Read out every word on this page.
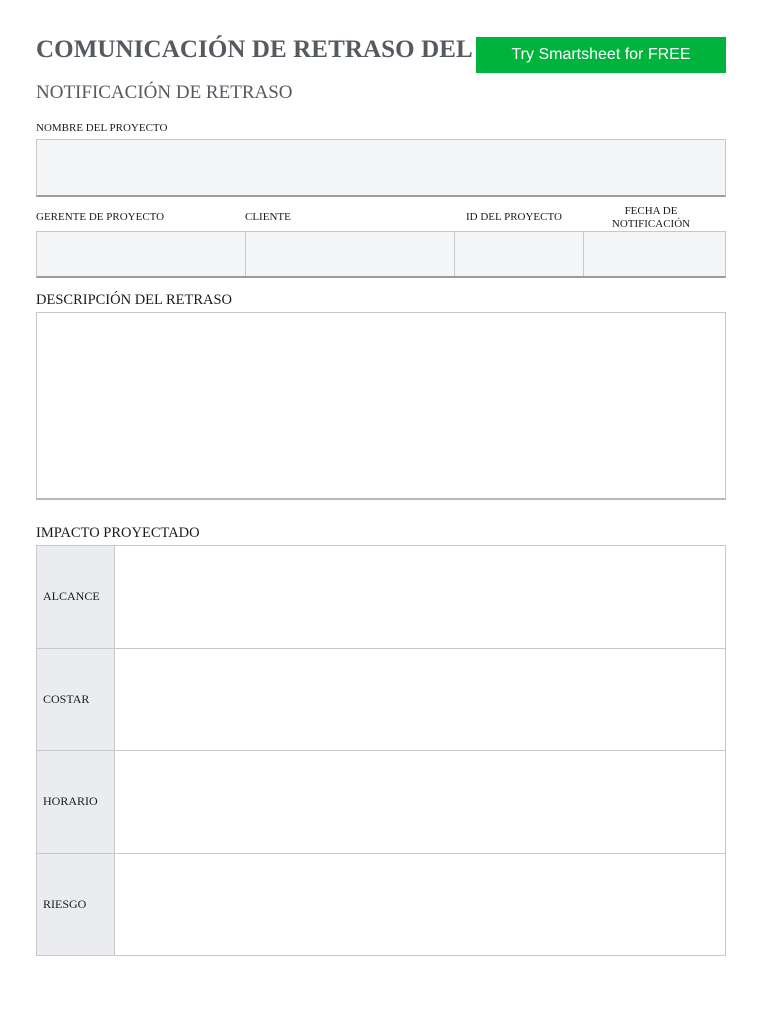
COMUNICACIÓN DE RETRASO DEL	Try Smartsheet for FREE
NOTIFICACIÓN DE RETRASO
NOMBRE DEL PROYECTO
GERENTE DE PROYECTO	CLIENTE	ID DEL PROYECTO	FECHA DE
NOTIFICACIÓN
DESCRIPCIÓN DEL RETRASO
IMPACTO PROYECTADO
ALCANCE
COSTAR
HORARIO
RIESGO
